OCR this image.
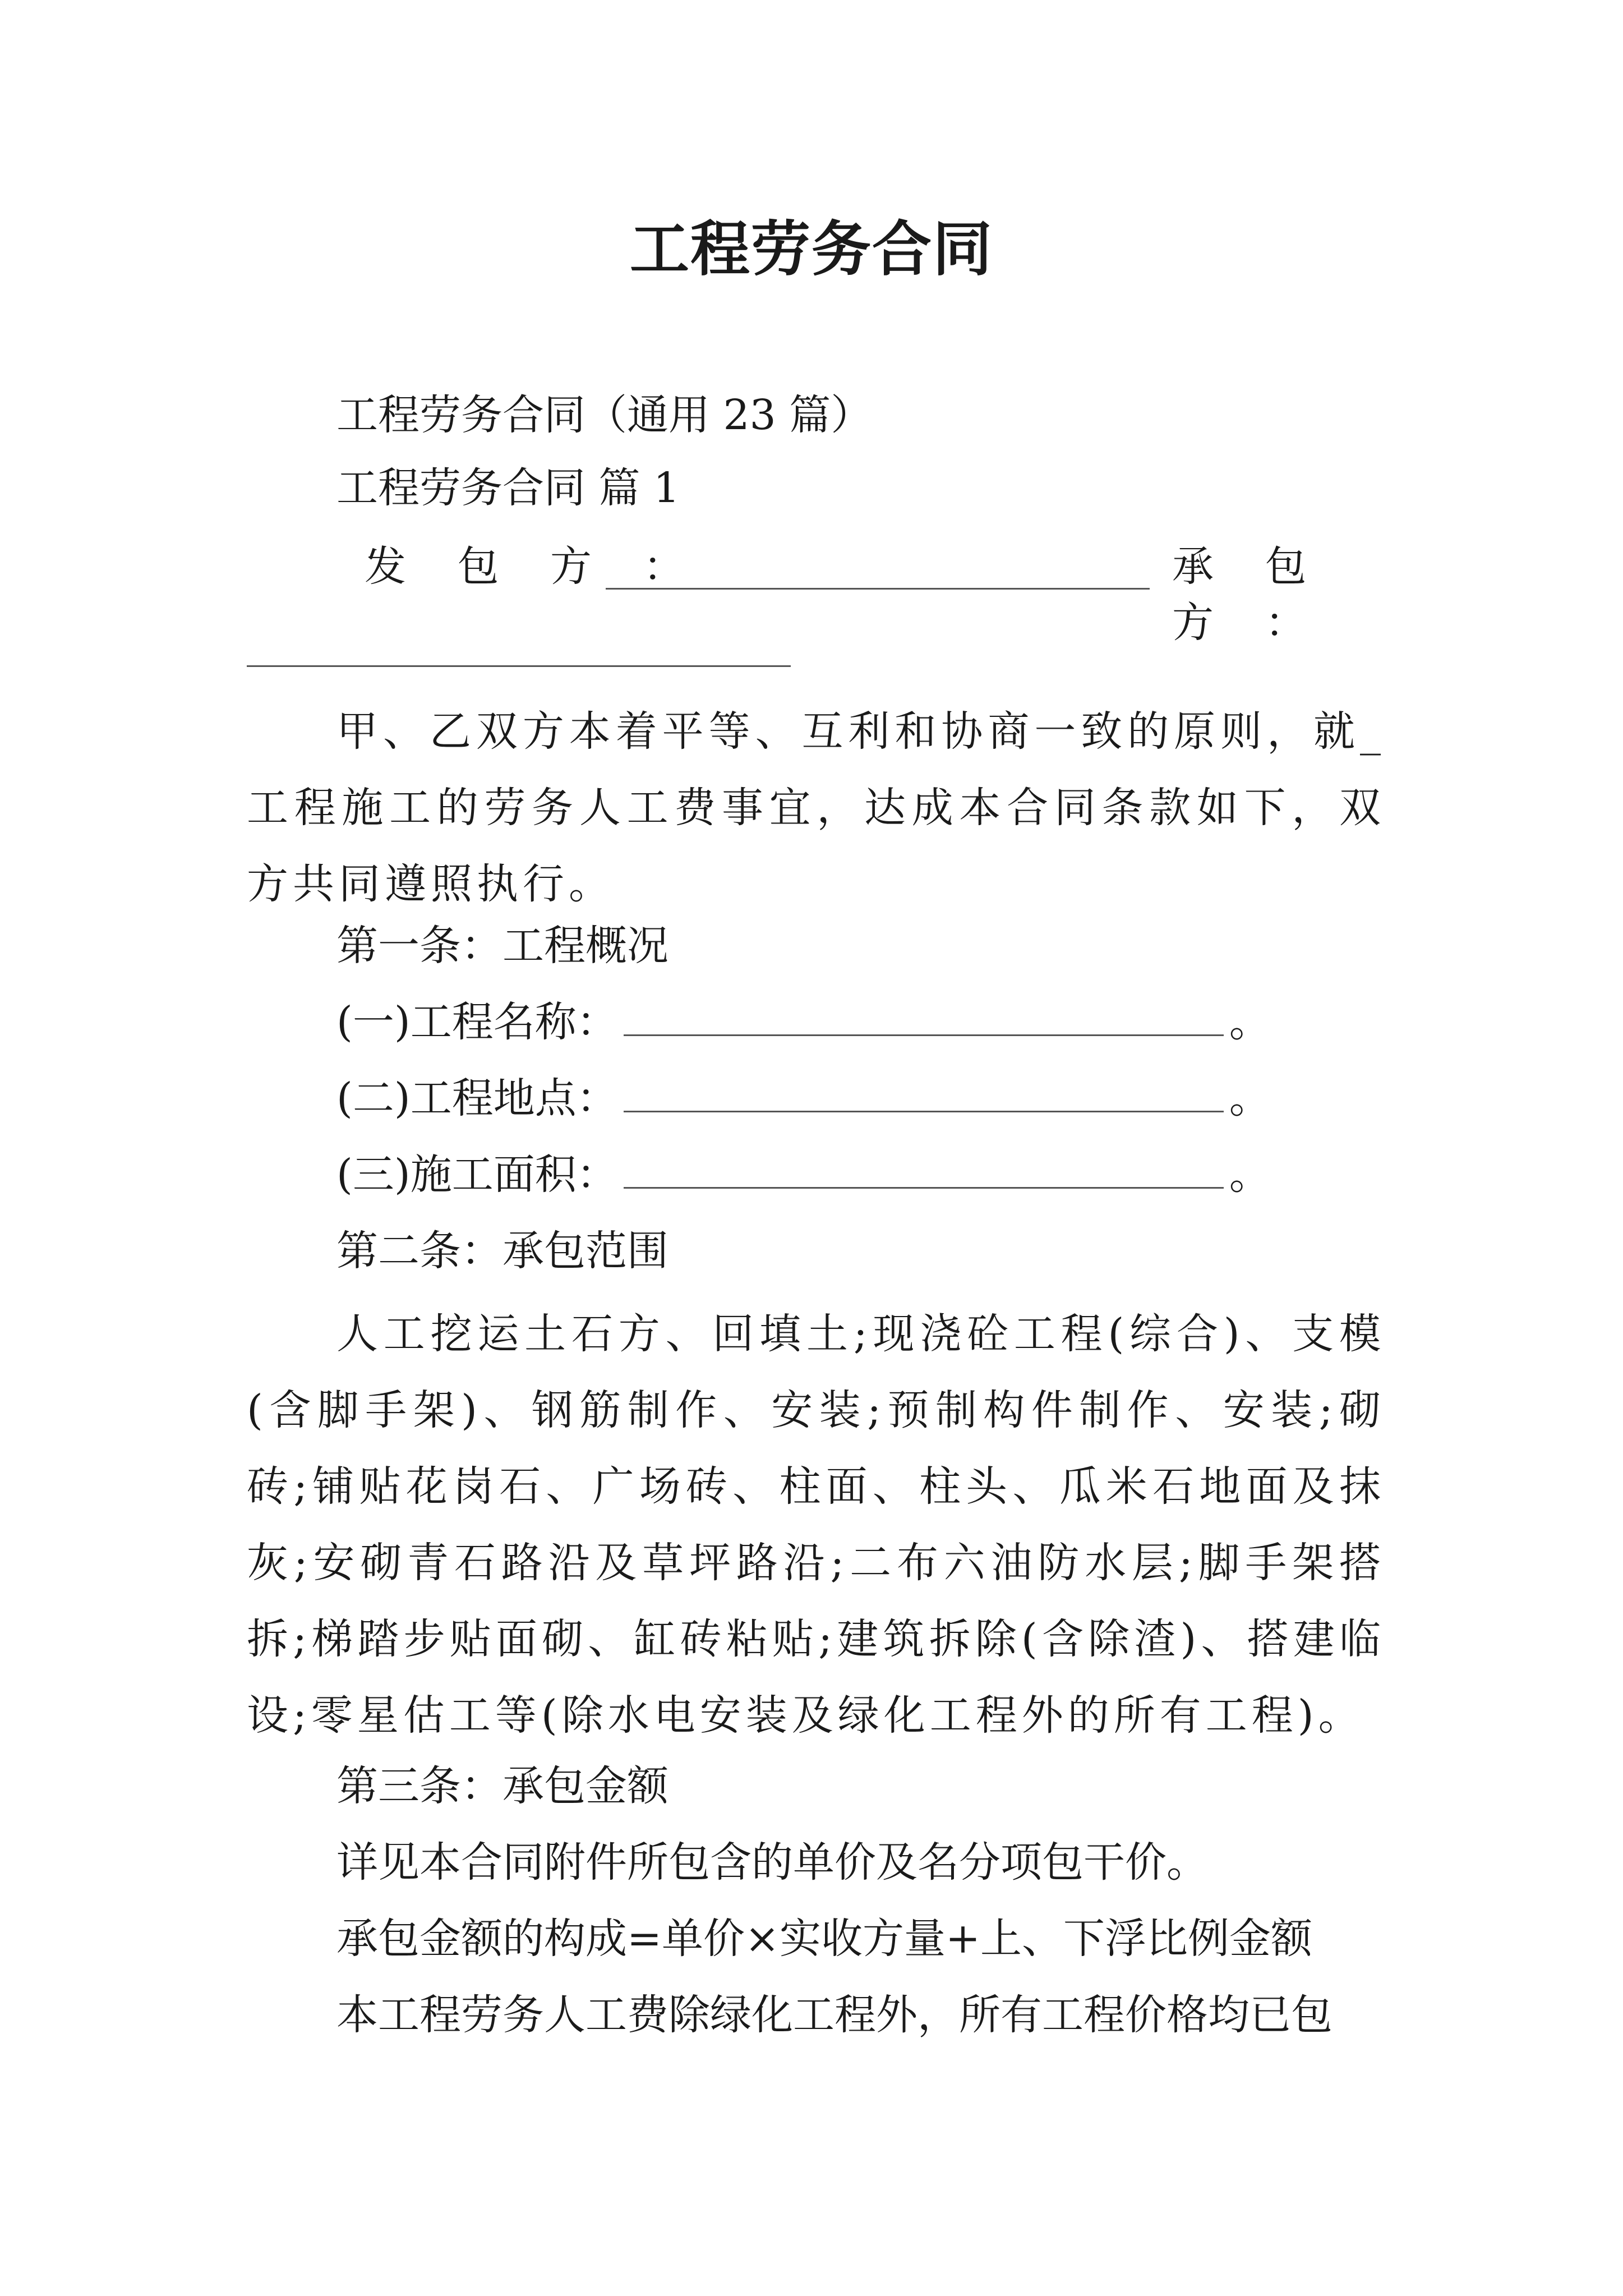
工程劳务合同
工程劳务合同（通用 23 篇）
工程劳务合同 篇 1
发 包 方 ：	承 包 方 ：
甲、乙双方本着平等、互利和协商一致的原则，就_工程施工的劳务人工费事宜，达成本合同条款如下，双方共同遵照执行。
第一条：工程概况
(一)工程名称：	。
(二)工程地点：	。
(三)施工面积：	。
第二条：承包范围
人工挖运土石方、回填土;现浇砼工程(综合)、支模(含脚手架)、钢筋制作、安装;预制构件制作、安装;砌砖;铺贴花岗石、广场砖、柱面、柱头、瓜米石地面及抹灰;安砌青石路沿及草坪路沿;二布六油防水层;脚手架搭拆;梯踏步贴面砌、缸砖粘贴;建筑拆除(含除渣)、搭建临设;零星估工等(除水电安装及绿化工程外的所有工程)。
第三条：承包金额
详见本合同附件所包含的单价及名分项包干价。
承包金额的构成=单价×实收方量+上、下浮比例金额
本工程劳务人工费除绿化工程外，所有工程价格均已包
